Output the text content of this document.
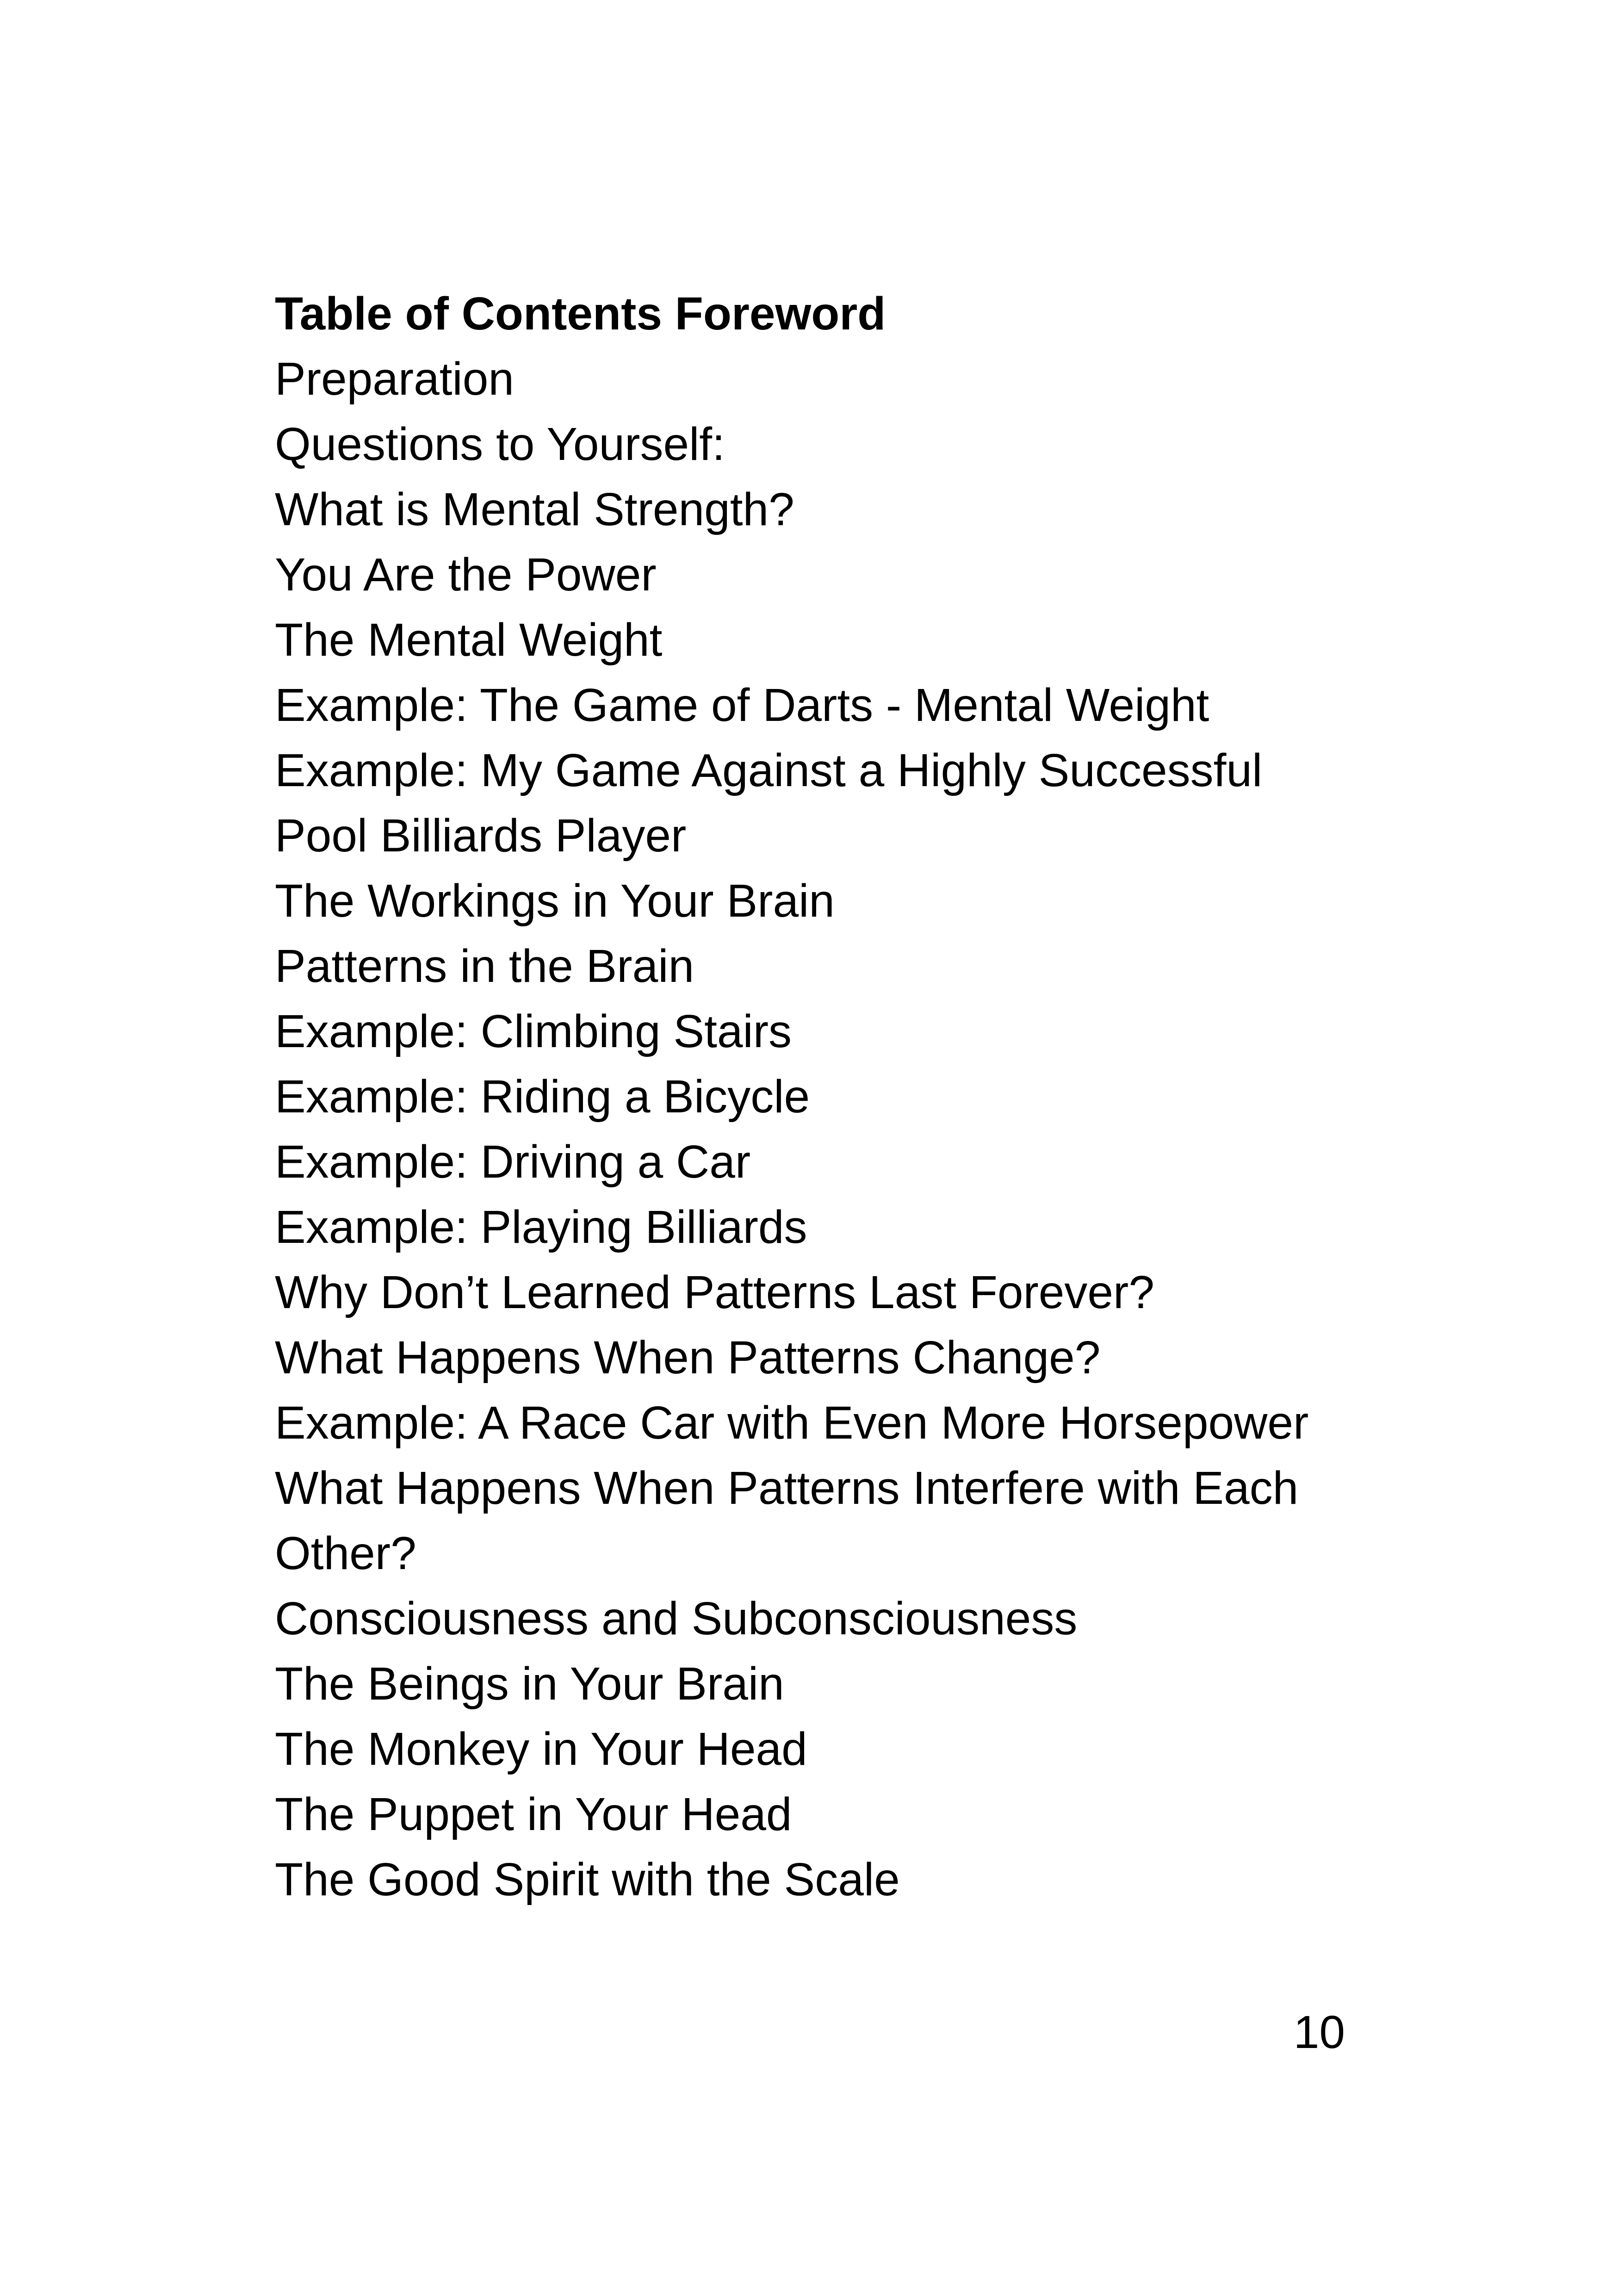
Table of Contents Foreword
Preparation
Questions to Yourself:
What is Mental Strength?
You Are the Power
The Mental Weight
Example: The Game of Darts - Mental Weight
Example: My Game Against a Highly Successful
Pool Billiards Player
The Workings in Your Brain
Patterns in the Brain
Example: Climbing Stairs
Example: Riding a Bicycle
Example: Driving a Car
Example: Playing Billiards
Why Don’t Learned Patterns Last Forever?
What Happens When Patterns Change?
Example: A Race Car with Even More Horsepower
What Happens When Patterns Interfere with Each
Other?
Consciousness and Subconsciousness
The Beings in Your Brain
The Monkey in Your Head
The Puppet in Your Head
The Good Spirit with the Scale
10
